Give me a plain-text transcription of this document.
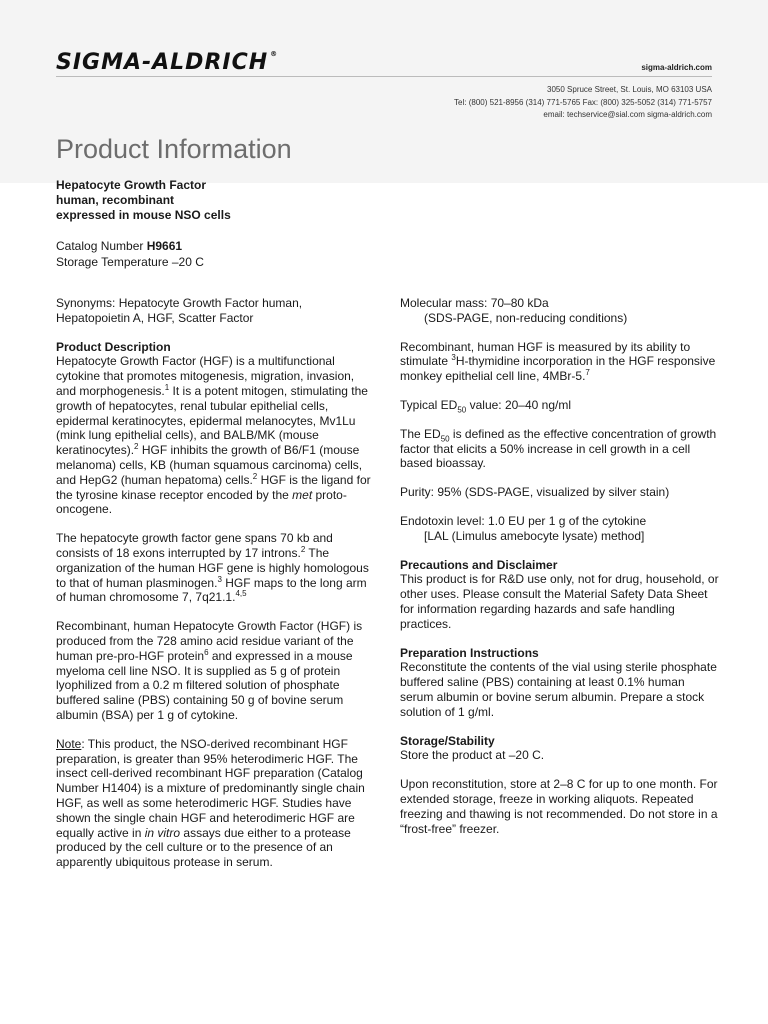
SIGMA-ALDRICH ®
sigma-aldrich.com
3050 Spruce Street, St. Louis, MO 63103 USA
Tel: (800) 521-8956 (314) 771-5765 Fax: (800) 325-5052 (314) 771-5757
email: techservice@sial.com sigma-aldrich.com
Product Information
Hepatocyte Growth Factor
human, recombinant
expressed in mouse NSO cells
Catalog Number H9661
Storage Temperature –20 C

Synonyms: Hepatocyte Growth Factor human, Hepatopoietin A, HGF, Scatter Factor

Product Description

Hepatocyte Growth Factor (HGF) is a multifunctional cytokine that promotes mitogenesis, migration, invasion, and morphogenesis.$^1$ It is a potent mitogen, stimulating the growth of hepatocytes, renal tubular epithelial cells, epidermal keratinocytes, epidermal melanocytes, Mv1Lu (mink lung epithelial cells), and BALB/MK (mouse keratinocytes).$^2$ HGF inhibits the growth of B6/F1 (mouse melanoma) cells, KB (human squamous carcinoma) cells, and HepG2 (human hepatoma) cells.$^2$ HGF is the ligand for the tyrosine kinase receptor encoded by the met proto-oncogene.

The hepatocyte growth factor gene spans 70 kb and consists of 18 exons interrupted by 17 introns.$^2$ The organization of the human HGF gene is highly homologous to that of human plasminogen.$^3$ HGF maps to the long arm of human chromosome 7, 7q21.1.$^{4,5}$

Recombinant, human Hepatocyte Growth Factor (HGF) is produced from the 728 amino acid residue variant of the human pre-pro-HGF protein$^6$ and expressed in a mouse myeloma cell line NSO. It is supplied as 5 g of protein lyophilized from a 0.2 m filtered solution of phosphate buffered saline (PBS) containing 50 g of bovine serum albumin (BSA) per 1 g of cytokine.

Note: This product, the NSO-derived recombinant HGF preparation, is greater than 95% heterodimeric HGF. The insect cell-derived recombinant HGF preparation (Catalog Number H1404) is a mixture of predominantly single chain HGF, as well as some heterodimeric HGF. Studies have shown the single chain HGF and heterodimeric HGF are equally active in in vitro assays due either to a protease produced by the cell culture or to the presence of an apparently ubiquitous protease in serum.

Molecular mass: 70–80 kDa
(SDS-PAGE, non-reducing conditions)

Recombinant, human HGF is measured by its ability to stimulate $^3$H-thymidine incorporation in the HGF responsive monkey epithelial cell line, 4MBr-5.$^7$

Typical $ED_{50}$ value: 20–40 ng/ml

The $ED_{50}$ is defined as the effective concentration of growth factor that elicits a 50% increase in cell growth in a cell based bioassay.

Purity: 95% (SDS-PAGE, visualized by silver stain)

Endotoxin level: 1.0 EU per 1 g of the cytokine
[LAL (Limulus amebocyte lysate) method]

Precautions and Disclaimer

This product is for R&D use only, not for drug, household, or other uses. Please consult the Material Safety Data Sheet for information regarding hazards and safe handling practices.

Preparation Instructions

Reconstitute the contents of the vial using sterile phosphate buffered saline (PBS) containing at least 0.1% human serum albumin or bovine serum albumin. Prepare a stock solution of 1 g/ml.

Storage/Stability

Store the product at –20 C.

Upon reconstitution, store at 2–8 C for up to one month. For extended storage, freeze in working aliquots. Repeated freezing and thawing is not recommended. Do not store in a “frost-free” freezer.
